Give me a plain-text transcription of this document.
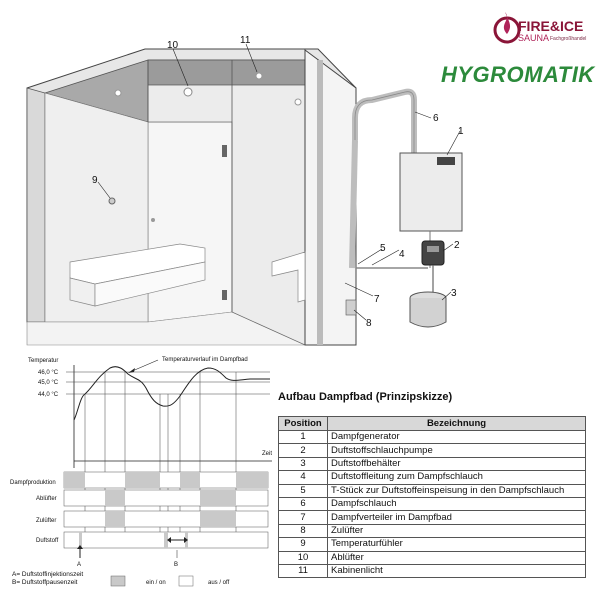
1
2
3
4
5
6
7
8
9
10	11
Temperatur
Zeit
46,0 °C
45,0 °C
44,0 °C
Temperaturverlauf im Dampfbad
Dampfproduktion
Ablüfter
Zulüfter
Duftstoff
A	B
ein / on	aus / off
FIRE&ICE
SAUNA Fachgroßhandel
HYGROMATIK
Aufbau Dampfbad (Prinzipskizze)
Position	Bezeichnung
1	Dampfgenerator
2	Duftstoffschlauchpumpe
3	Duftstoffbehälter
4	Duftstoffleitung zum Dampfschlauch
5	T-Stück zur Duftstoffeinspeisung in den Dampfschlauch
6	Dampfschlauch
7	Dampfverteiler im Dampfbad
8	Zulüfter
9	Temperaturfühler
10	Ablüfter
11	Kabinenlicht
A= Duftstoffinjektionszeit
B= Duftstoffpausenzeit
